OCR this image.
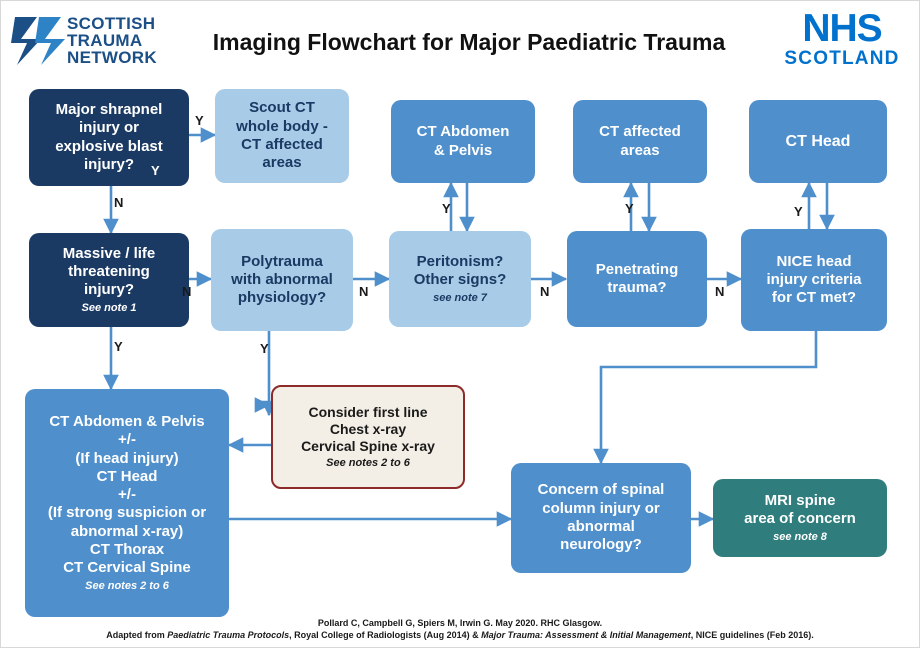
SCOTTISH
TRAUMA
NETWORK
Imaging Flowchart for Major Paediatric Trauma	NHS
SCOTLAND
Major shrapnel
injury or
explosive blast
injury?
Scout CT
whole body -
CT affected
areas
CT Abdomen
& Pelvis
CT affected
areas
CT Head
Massive / life
threatening
injury?
See note 1
Polytrauma
with abnormal
physiology?
Peritonism?
Other signs?
see note 7
Penetrating
trauma?
NICE head
injury criteria
for CT met?
CT Abdomen & Pelvis
+/-
(If head injury)
CT Head
+/-
(If strong suspicion or
abnormal x-ray)
CT Thorax
CT Cervical Spine
See notes 2 to 6
Consider first line
Chest x-ray
Cervical Spine x-ray
See notes 2 to 6
Concern of spinal
column injury or
abnormal
neurology?
MRI spine
area of concern
see note 8
Y
Y
N
N
Y
N
Y
Y
N
Y
N
Y
Pollard C, Campbell G, Spiers M, Irwin G. May 2020. RHC Glasgow.
Adapted from Paediatric Trauma Protocols, Royal College of Radiologists (Aug 2014) & Major Trauma: Assessment & Initial Management, NICE guidelines (Feb 2016).
